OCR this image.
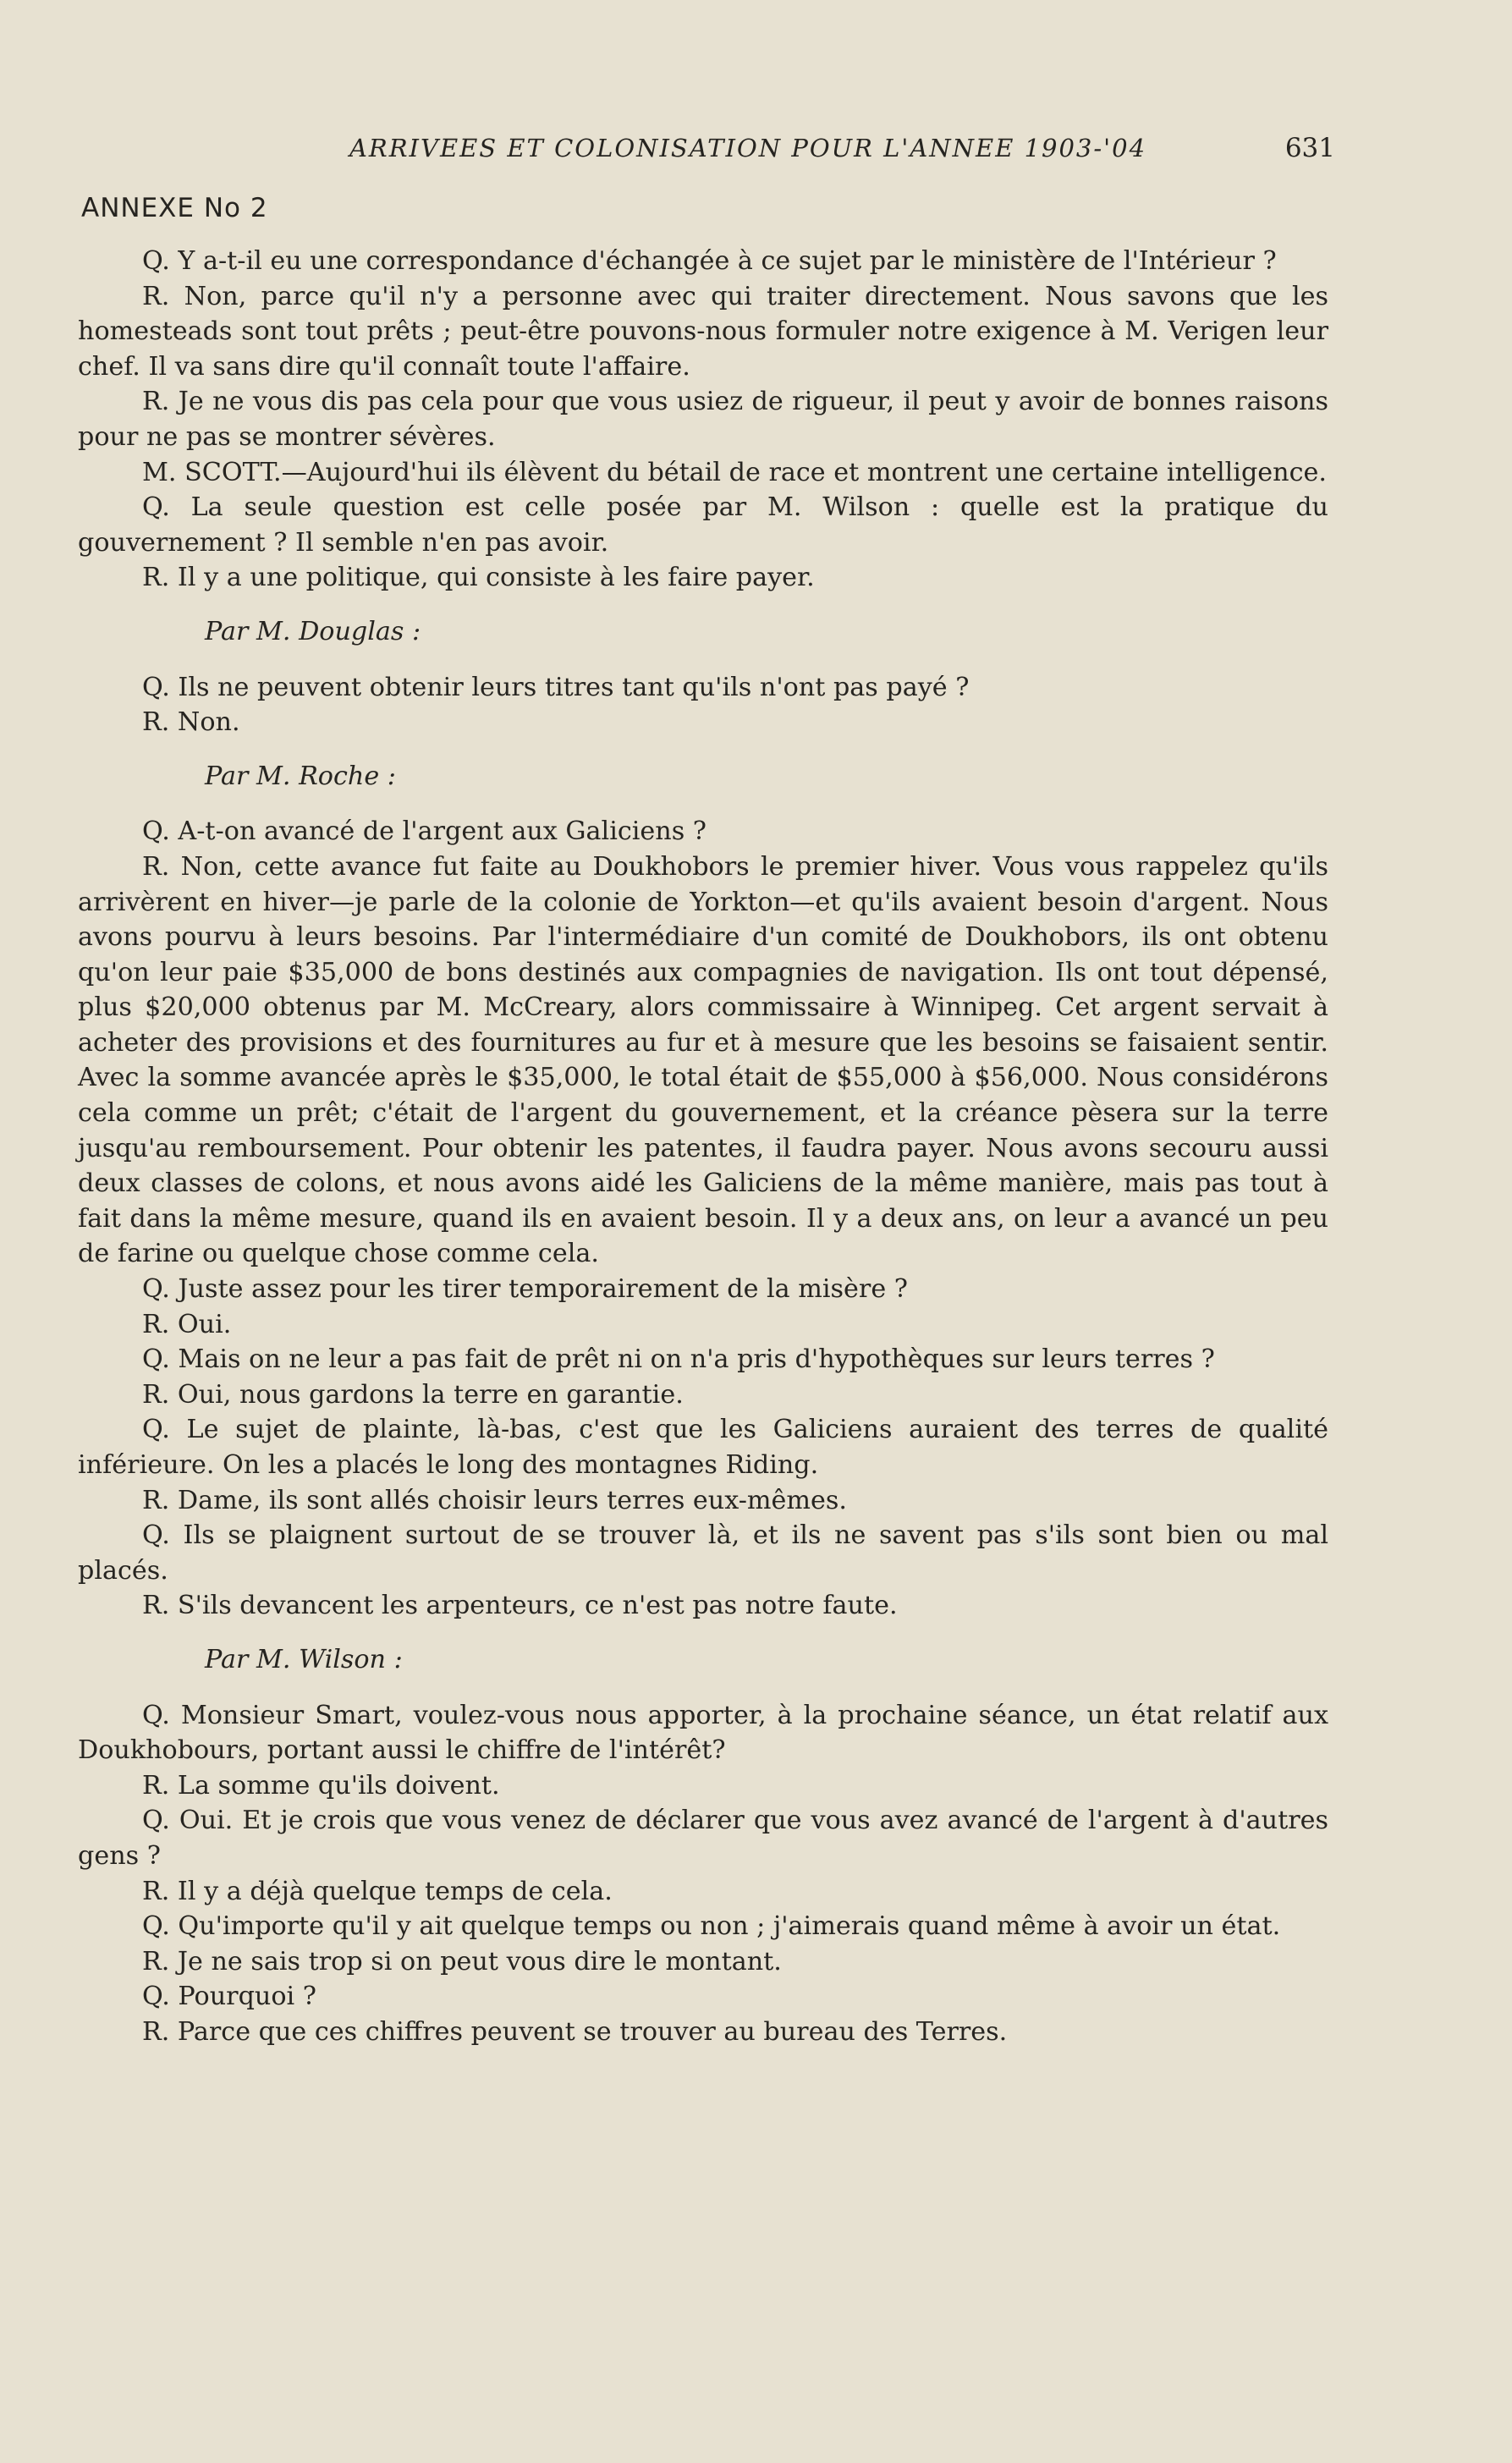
ARRIVEES ET COLONISATION POUR L'ANNEE 1903-'04	631
ANNEXE No 2

Q. Y a-t-il eu une correspondance d'échangée à ce sujet par le ministère de l'Intérieur ?

R. Non, parce qu'il n'y a personne avec qui traiter directement. Nous savons que les homesteads sont tout prêts ; peut-être pouvons-nous formuler notre exigence à M. Verigen leur chef. Il va sans dire qu'il connaît toute l'affaire.

R. Je ne vous dis pas cela pour que vous usiez de rigueur, il peut y avoir de bonnes raisons pour ne pas se montrer sévères.

M. SCOTT.—Aujourd'hui ils élèvent du bétail de race et montrent une certaine intelligence.

Q. La seule question est celle posée par M. Wilson : quelle est la pratique du gouvernement ? Il semble n'en pas avoir.

R. Il y a une politique, qui consiste à les faire payer.

Par M. Douglas :

Q. Ils ne peuvent obtenir leurs titres tant qu'ils n'ont pas payé ?

R. Non.

Par M. Roche :

Q. A-t-on avancé de l'argent aux Galiciens ?

R. Non, cette avance fut faite au Doukhobors le premier hiver. Vous vous rappelez qu'ils arrivèrent en hiver—je parle de la colonie de Yorkton—et qu'ils avaient besoin d'argent. Nous avons pourvu à leurs besoins. Par l'intermédiaire d'un comité de Doukhobors, ils ont obtenu qu'on leur paie $35,000 de bons destinés aux compagnies de navigation. Ils ont tout dépensé, plus $20,000 obtenus par M. McCreary, alors commissaire à Winnipeg. Cet argent servait à acheter des provisions et des fournitures au fur et à mesure que les besoins se faisaient sentir. Avec la somme avancée après le $35,000, le total était de $55,000 à $56,000. Nous considérons cela comme un prêt; c'était de l'argent du gouvernement, et la créance pèsera sur la terre jusqu'au remboursement. Pour obtenir les patentes, il faudra payer. Nous avons secouru aussi deux classes de colons, et nous avons aidé les Galiciens de la même manière, mais pas tout à fait dans la même mesure, quand ils en avaient besoin. Il y a deux ans, on leur a avancé un peu de farine ou quelque chose comme cela.

Q. Juste assez pour les tirer temporairement de la misère ?

R. Oui.

Q. Mais on ne leur a pas fait de prêt ni on n'a pris d'hypothèques sur leurs terres ?

R. Oui, nous gardons la terre en garantie.

Q. Le sujet de plainte, là-bas, c'est que les Galiciens auraient des terres de qualité inférieure. On les a placés le long des montagnes Riding.

R. Dame, ils sont allés choisir leurs terres eux-mêmes.

Q. Ils se plaignent surtout de se trouver là, et ils ne savent pas s'ils sont bien ou mal placés.

R. S'ils devancent les arpenteurs, ce n'est pas notre faute.

Par M. Wilson :

Q. Monsieur Smart, voulez-vous nous apporter, à la prochaine séance, un état relatif aux Doukhobours, portant aussi le chiffre de l'intérêt?

R. La somme qu'ils doivent.

Q. Oui. Et je crois que vous venez de déclarer que vous avez avancé de l'argent à d'autres gens ?

R. Il y a déjà quelque temps de cela.

Q. Qu'importe qu'il y ait quelque temps ou non ; j'aimerais quand même à avoir un état.

R. Je ne sais trop si on peut vous dire le montant.

Q. Pourquoi ?

R. Parce que ces chiffres peuvent se trouver au bureau des Terres.
